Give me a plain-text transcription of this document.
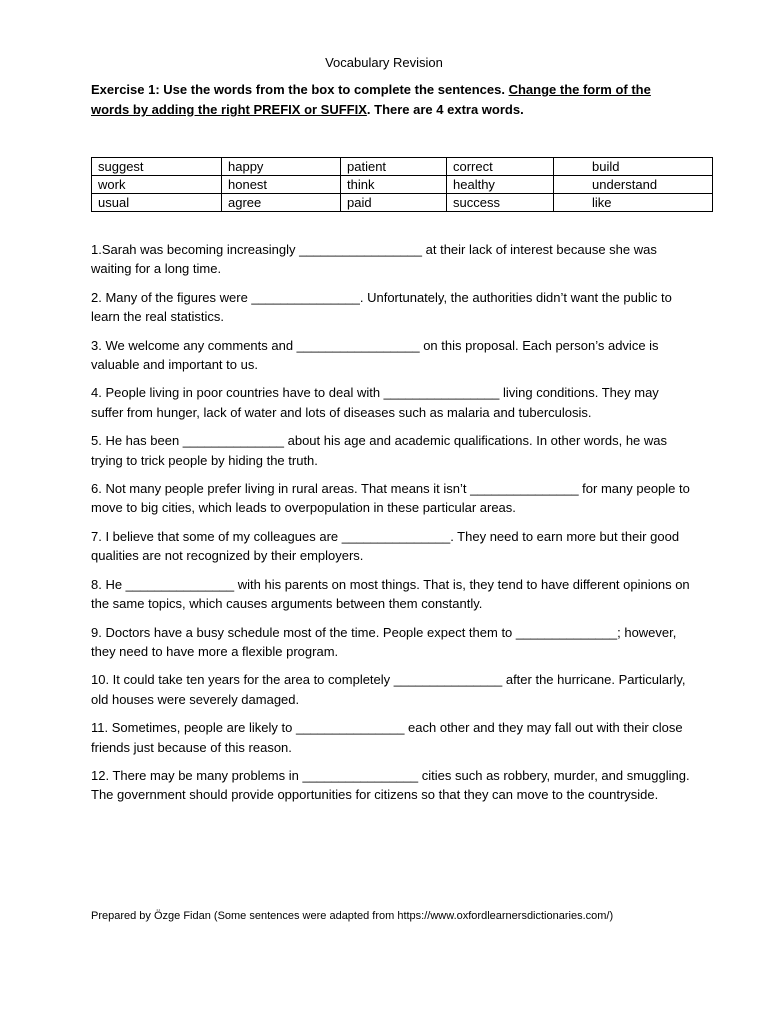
Vocabulary Revision
Exercise 1: Use the words from the box to complete the sentences. Change the form of the words by adding the right PREFIX or SUFFIX. There are 4 extra words.
suggest	happy	patient	correct	build
work	honest	think	healthy	understand
usual	agree	paid	success	like

1.Sarah was becoming increasingly _________________ at their lack of interest because she was waiting for a long time.

2. Many of the figures were _______________. Unfortunately, the authorities didn’t want the public to learn the real statistics.

3. We welcome any comments and _________________ on this proposal. Each person’s advice is valuable and important to us.

4. People living in poor countries have to deal with ________________ living conditions. They may suffer from hunger, lack of water and lots of diseases such as malaria and tuberculosis.

5. He has been ______________ about his age and academic qualifications. In other words, he was trying to trick people by hiding the truth.

6. Not many people prefer living in rural areas. That means it isn’t _______________ for many people to move to big cities, which leads to overpopulation in these particular areas.

7. I believe that some of my colleagues are _______________. They need to earn more but their good qualities are not recognized by their employers.

8. He _______________ with his parents on most things. That is, they tend to have different opinions on the same topics, which causes arguments between them constantly.

9. Doctors have a busy schedule most of the time. People expect them to ______________; however, they need to have more a flexible program.

10. It could take ten years for the area to completely _______________ after the hurricane. Particularly, old houses were severely damaged.

11. Sometimes, people are likely to _______________ each other and they may fall out with their close friends just because of this reason.

12. There may be many problems in ________________ cities such as robbery, murder, and smuggling. The government should provide opportunities for citizens so that they can move to the countryside.

Prepared by Özge Fidan (Some sentences were adapted from https://www.oxfordlearnersdictionaries.com/)
